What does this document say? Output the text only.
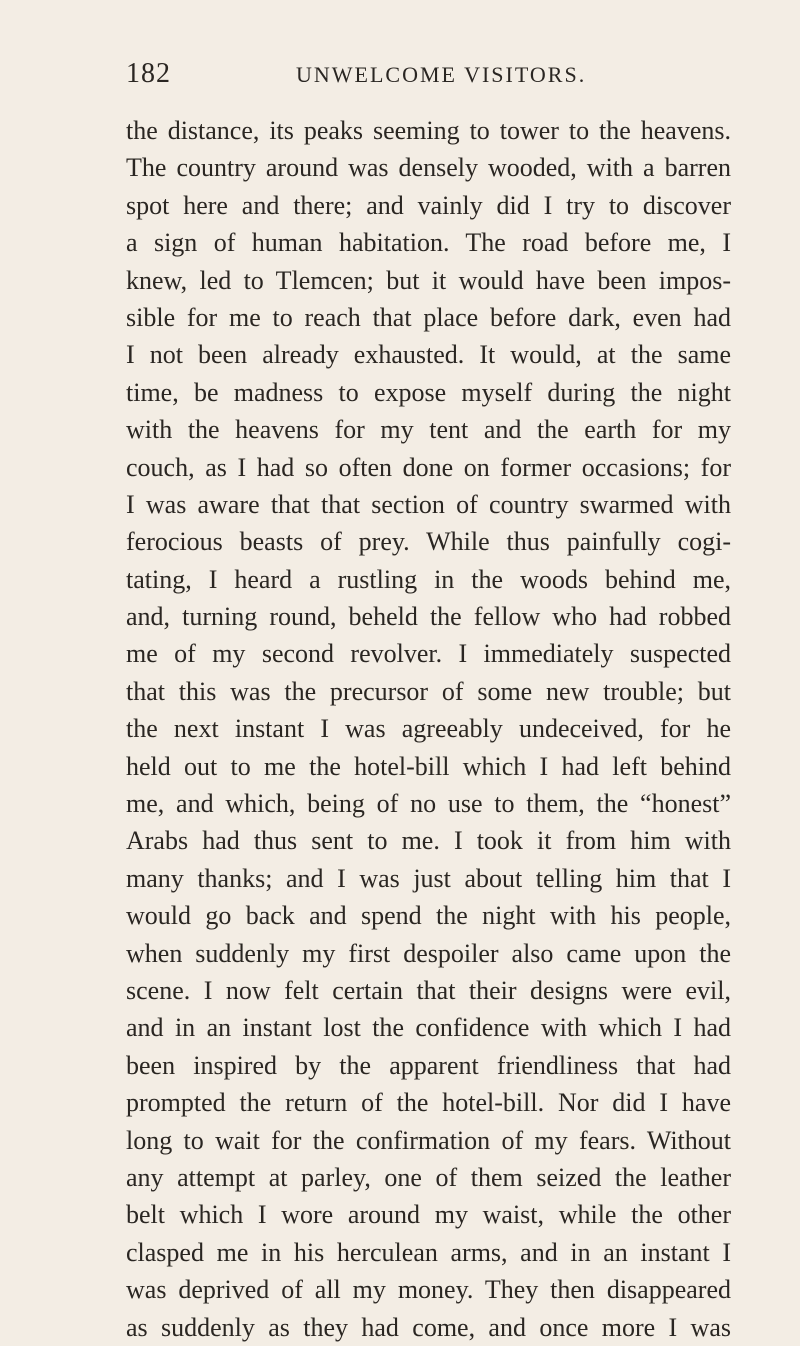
182	UNWELCOME VISITORS.
the distance, its peaks seeming to tower to the heavens.
The country around was densely wooded, with a barren
spot here and there; and vainly did I try to discover
a sign of human habitation. The road before me, I
knew, led to Tlemcen; but it would have been impos-
sible for me to reach that place before dark, even had
I not been already exhausted. It would, at the same
time, be madness to expose myself during the night
with the heavens for my tent and the earth for my
couch, as I had so often done on former occasions; for
I was aware that that section of country swarmed with
ferocious beasts of prey. While thus painfully cogi-
tating, I heard a rustling in the woods behind me,
and, turning round, beheld the fellow who had robbed
me of my second revolver. I immediately suspected
that this was the precursor of some new trouble; but
the next instant I was agreeably undeceived, for he
held out to me the hotel-bill which I had left behind
me, and which, being of no use to them, the “honest”
Arabs had thus sent to me. I took it from him with
many thanks; and I was just about telling him that I
would go back and spend the night with his people,
when suddenly my first despoiler also came upon the
scene. I now felt certain that their designs were evil,
and in an instant lost the confidence with which I had
been inspired by the apparent friendliness that had
prompted the return of the hotel-bill. Nor did I have
long to wait for the confirmation of my fears. Without
any attempt at parley, one of them seized the leather
belt which I wore around my waist, while the other
clasped me in his herculean arms, and in an instant I
was deprived of all my money. They then disappeared
as suddenly as they had come, and once more I was
